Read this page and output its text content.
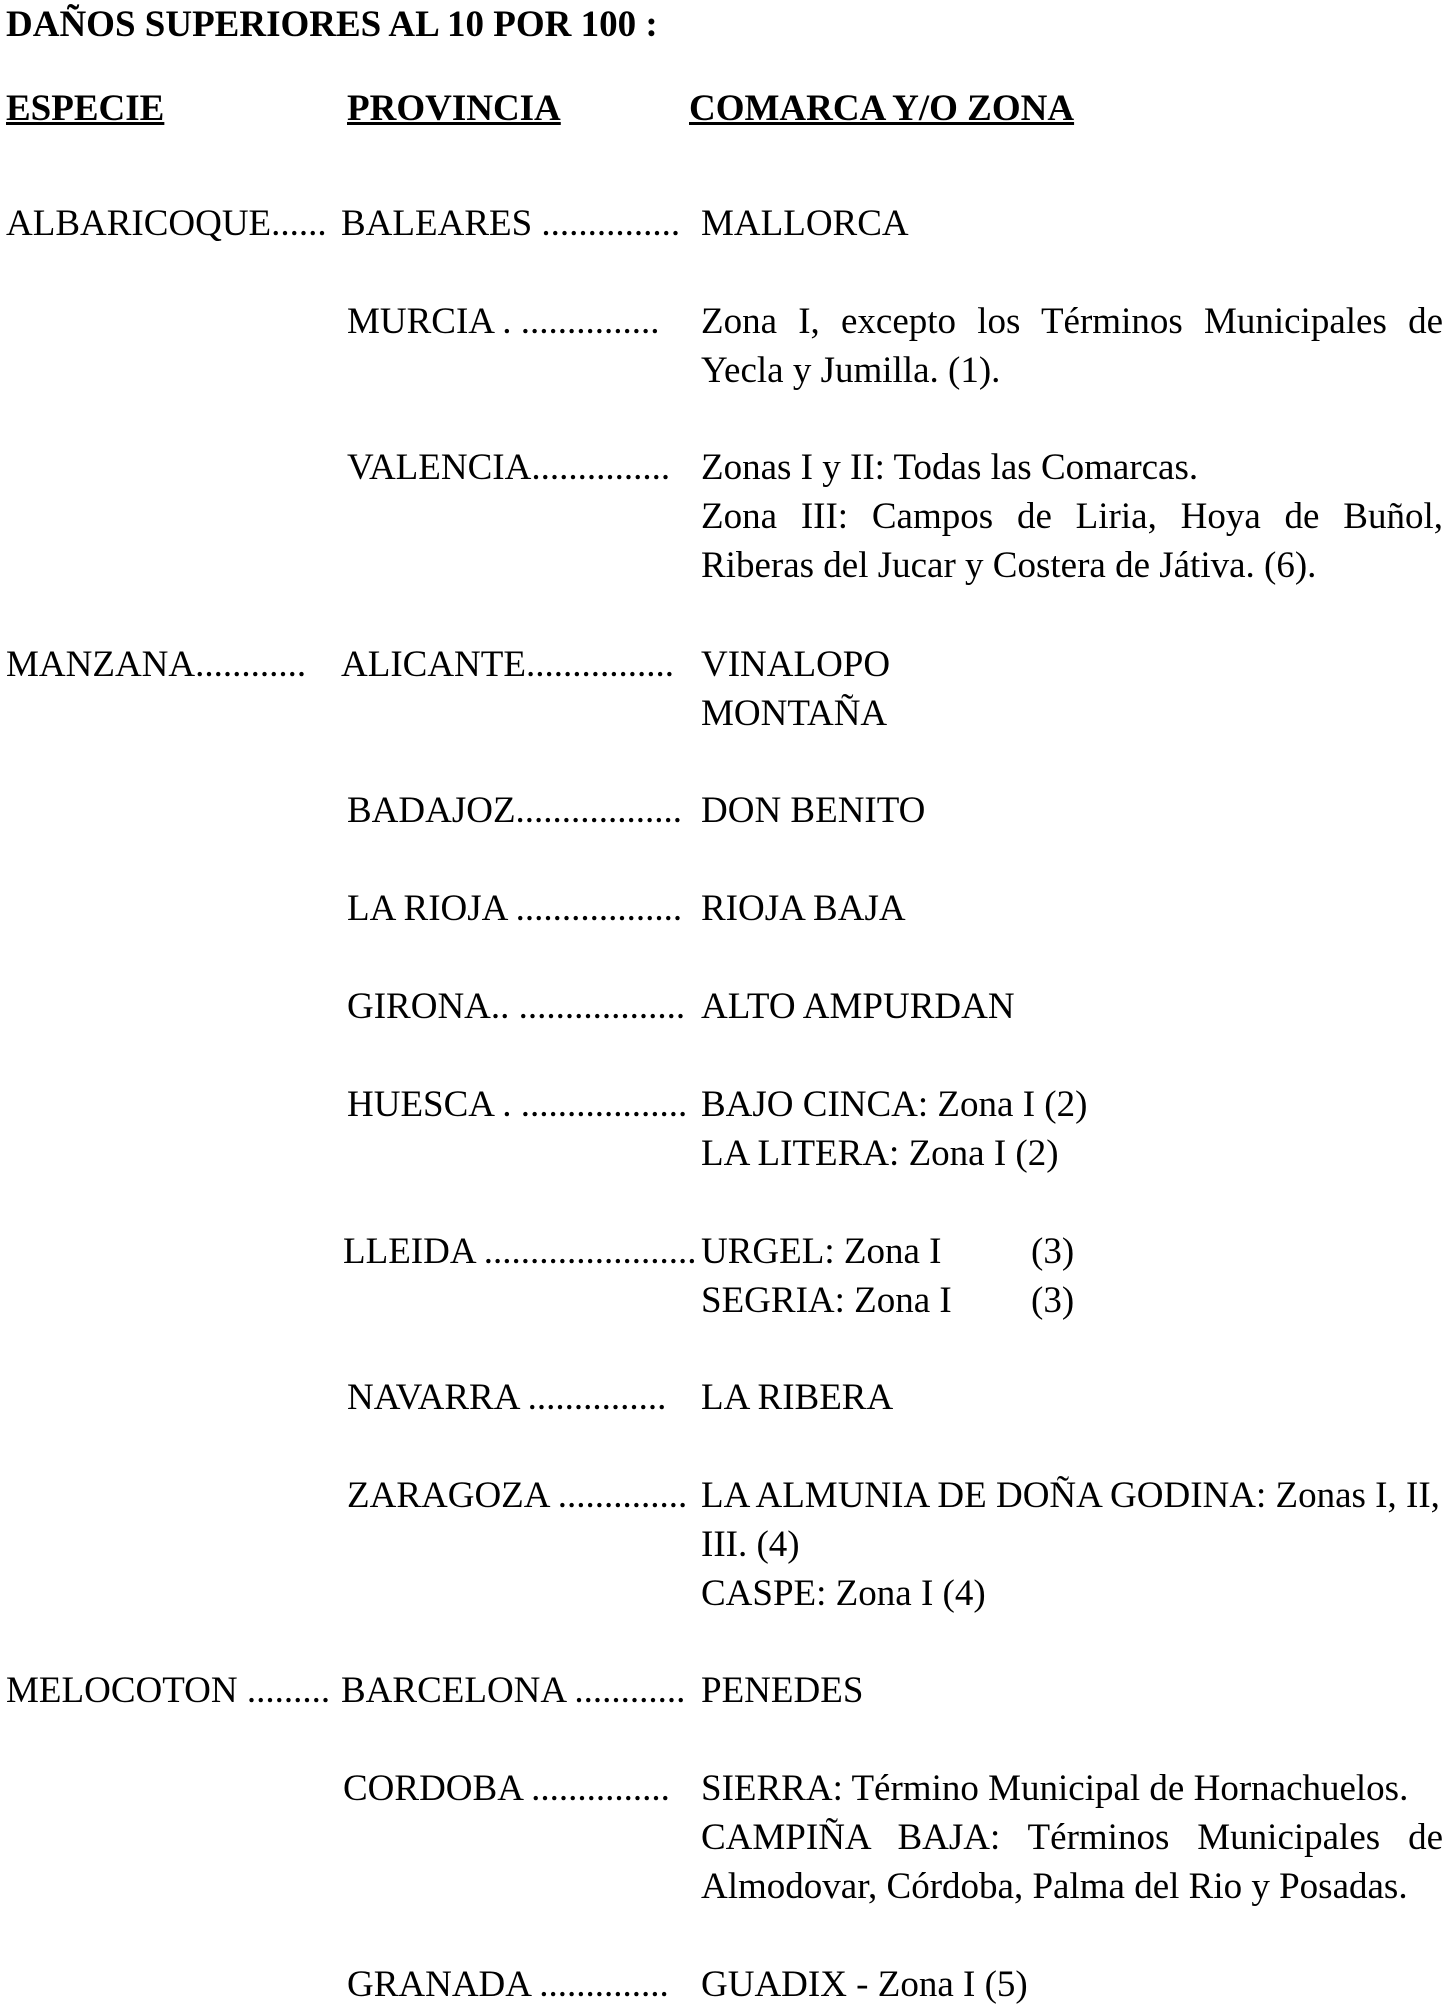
DAÑOS SUPERIORES AL 10 POR 100 :
ESPECIE	PROVINCIA	COMARCA Y/O ZONA
ALBARICOQUE...... BALEARES ............... MALLORCA
MURCIA . ............... Zona I, excepto los Términos Municipales de Yecla y Jumilla. (1).
VALENCIA............... Zonas I y II: Todas las Comarcas.
Zona III: Campos de Liria, Hoya de Buñol, Riberas del Jucar y Costera de Játiva. (6).
MANZANA............ ALICANTE................ VINALOPO
MONTAÑA
BADAJOZ.................. DON BENITO
LA RIOJA .................. RIOJA BAJA
GIRONA.. .................. ALTO AMPURDAN
HUESCA . .................. BAJO CINCA: Zona I (2)
LA LITERA: Zona I (2)
LLEIDA ....................... URGEL: Zona I (3)
SEGRIA: Zona I (3)
NAVARRA ............... LA RIBERA
ZARAGOZA .............. LA ALMUNIA DE DOÑA GODINA: Zonas I, II,
III. (4)
CASPE: Zona I (4)
MELOCOTON ......... BARCELONA ............ PENEDES
CORDOBA ............... SIERRA: Término Municipal de Hornachuelos.
CAMPIÑA BAJA: Términos Municipales de Almodovar, Córdoba, Palma del Rio y Posadas.
GRANADA .............. GUADIX - Zona I (5)
